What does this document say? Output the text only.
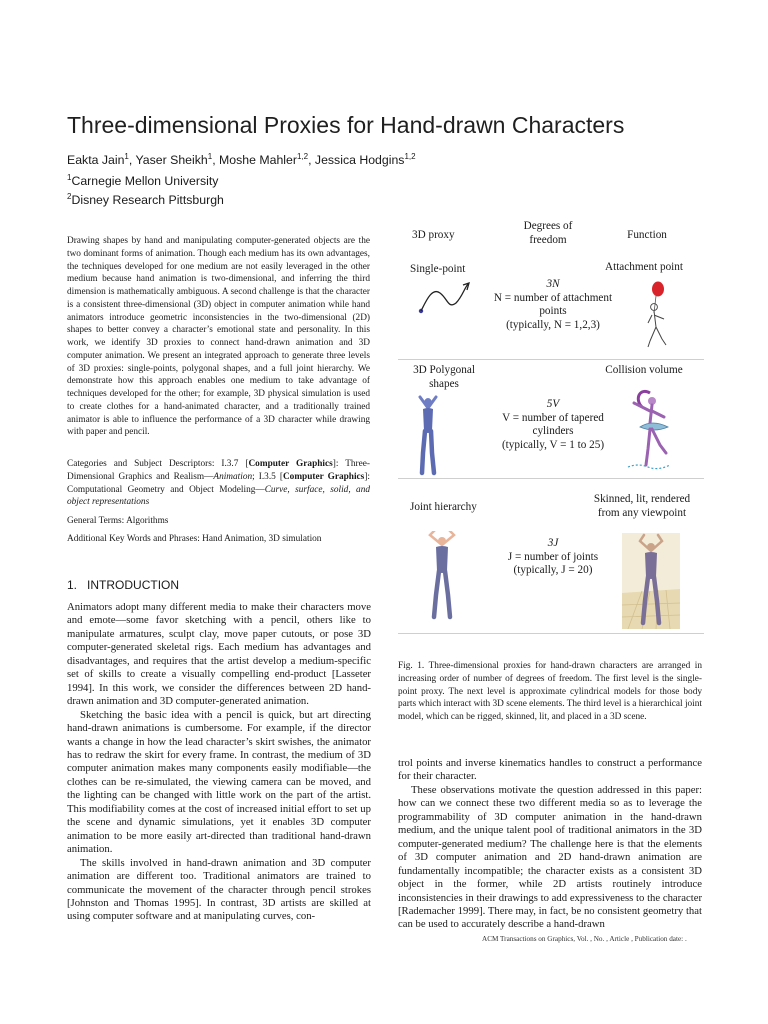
Three-dimensional Proxies for Hand-drawn Characters
Eakta Jain$^1$, Yaser Sheikh$^1$, Moshe Mahler$^{1,2}$, Jessica Hodgins$^{1,2}$
$^1$Carnegie Mellon University
$^2$Disney Research Pittsburgh
Drawing shapes by hand and manipulating computer-generated objects are the two dominant forms of animation. Though each medium has its own advantages, the techniques developed for one medium are not easily leveraged in the other medium because hand animation is two-dimensional, and inferring the third dimension is mathematically ambiguous. A second challenge is that the character is a consistent three-dimensional (3D) object in computer animation while hand animators introduce geometric inconsistencies in the two-dimensional (2D) shapes to better convey a character’s emotional state and personality. In this work, we identify 3D proxies to connect hand-drawn animation and 3D computer animation. We present an integrated approach to generate three levels of 3D proxies: single-points, polygonal shapes, and a full joint hierarchy. We demonstrate how this approach enables one medium to take advantage of techniques developed for the other; for example, 3D physical simulation is used to create clothes for a hand-animated character, and a traditionally trained animator is able to influence the performance of a 3D character while drawing with paper and pencil.
Categories and Subject Descriptors: I.3.7 [Computer Graphics]: Three-Dimensional Graphics and Realism—Animation; I.3.5 [Computer Graphics]: Computational Geometry and Object Modeling—Curve, surface, solid, and object representations
General Terms: Algorithms
Additional Key Words and Phrases: Hand Animation, 3D simulation
1. INTRODUCTION

Animators adopt many different media to make their characters move and emote—some favor sketching with a pencil, others like to manipulate armatures, sculpt clay, move paper cutouts, or pose 3D computer-generated skeletal rigs. Each medium has advantages and disadvantages, and requires that the artist develop a medium-specific set of skills to create a visually compelling end-product [Lasseter 1994]. In this work, we consider the differences between 2D hand-drawn animation and 3D computer-generated animation.

Sketching the basic idea with a pencil is quick, but art directing hand-drawn animations is cumbersome. For example, if the director wants a change in how the lead character’s skirt swishes, the animator has to redraw the skirt for every frame. In contrast, the medium of 3D computer animation makes many components easily modifiable—the clothes can be re-simulated, the viewing camera can be moved, and the lighting can be changed with little work on the part of the artist. This modifiability comes at the cost of increased initial effort to set up the scene and dynamic simulations, yet it enables 3D computer animation to be more easily art-directed than traditional hand-drawn animation.

The skills involved in hand-drawn animation and 3D computer animation are different too. Traditional animators are trained to communicate the movement of the character through pencil strokes [Johnston and Thomas 1995]. In contrast, 3D artists are skilled at using computer software and at manipulating curves, con-

3D proxy
Degrees of freedom	Function
Single-point
3N
N = number of attachment points
(typically, N = 1,2,3)
Attachment point
3D Polygonal shapes
5V
V = number of tapered cylinders
(typically, V = 1 to 25)
Collision volume
Joint hierarchy
3J
J = number of joints
(typically, J = 20)
Skinned, lit, rendered from any viewpoint
Fig. 1. Three-dimensional proxies for hand-drawn characters are arranged in increasing order of number of degrees of freedom. The first level is the single-point proxy. The next level is approximate cylindrical models for those body parts which interact with 3D scene elements. The third level is a hierarchical joint model, which can be rigged, skinned, lit, and placed in a 3D scene.

trol points and inverse kinematics handles to construct a performance for their character.

These observations motivate the question addressed in this paper: how can we connect these two different media so as to leverage the programmability of 3D computer animation in the hand-drawn medium, and the unique talent pool of traditional animators in the 3D computer-generated medium? The challenge here is that the elements of 3D computer animation and 2D hand-drawn animation are fundamentally incompatible; the character exists as a consistent 3D object in the former, while 2D artists routinely introduce inconsistencies in their drawings to add expressiveness to the character [Rademacher 1999]. There may, in fact, be no consistent geometry that can be used to accurately describe a hand-drawn

ACM Transactions on Graphics, Vol. , No. , Article , Publication date: .
